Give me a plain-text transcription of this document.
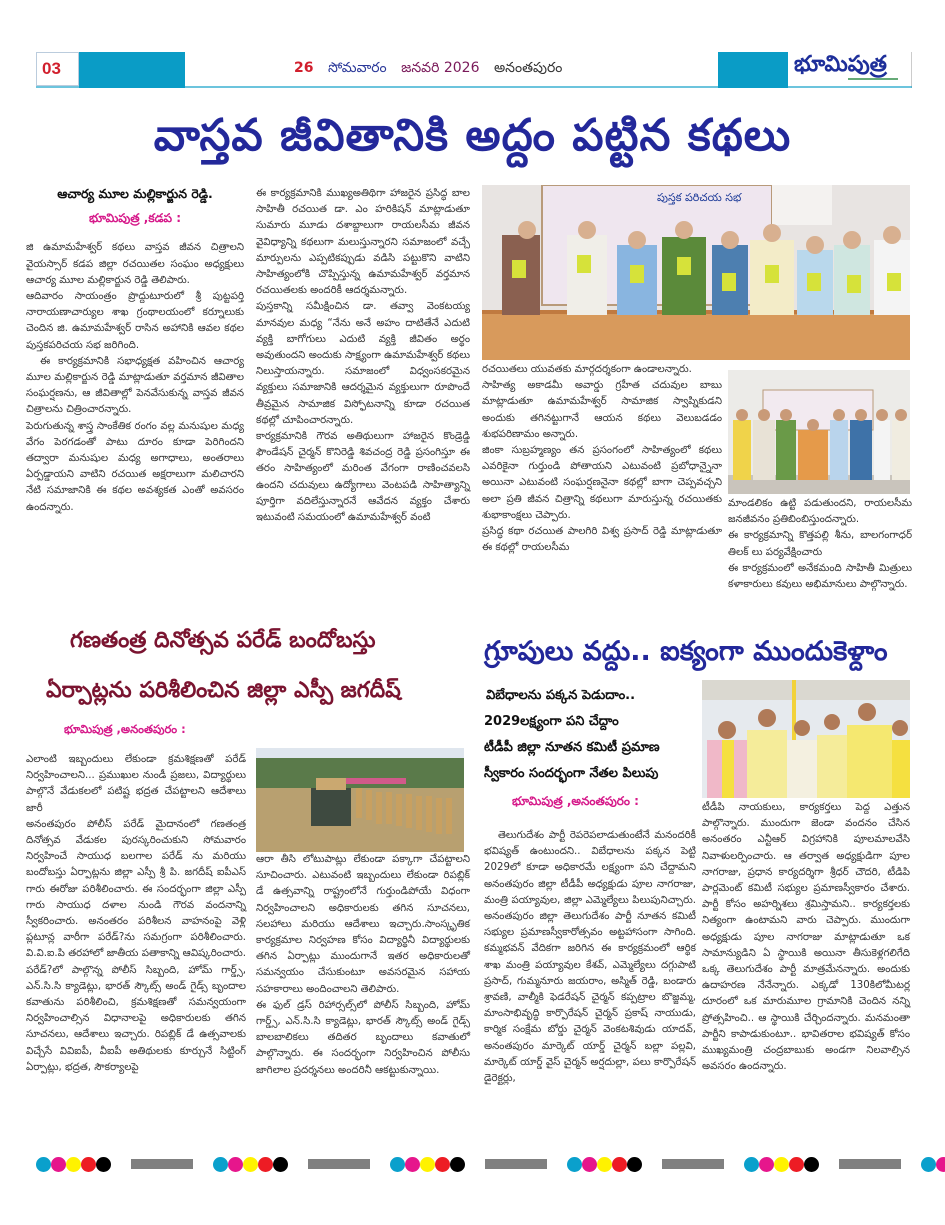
03	26 సోమవారం జనవరి 2026 అనంతపురం	భూమిపుత్ర
వాస్తవ జీవితానికి అద్దం పట్టిన కథలు
ఆచార్య మూల మల్లికార్జున రెడ్డి.
భూమిపుత్ర ,కడప :

జి ఉమామహేశ్వర్ కథలు వాస్తవ జీవన చిత్రాలని వైయస్సార్ కడప జిల్లా రచయితల సంఘం అధ్యక్షులు ఆచార్య మూల మల్లికార్జున రెడ్డి తెలిపారు.

ఆదివారం సాయంత్రం ప్రొద్దుటూరులో శ్రీ పుట్టపర్తి నారాయణాచార్యుల శాఖ గ్రంథాలయంలో కర్నూలుకు చెందిన జి. ఉమామహేశ్వర్ రాసిన అహానికి ఆవల కథల పుస్తకపరిచయ సభ జరిగింది.

ఈ కార్యక్రమానికి సభాధ్యక్షత వహించిన ఆచార్య మూల మల్లికార్జున రెడ్డి మాట్లాడుతూ వర్తమాన జీవితాల సంఘర్షణను, ఆ జీవితాల్లో పెనవేసుకున్న వాస్తవ జీవన చిత్రాలను చిత్రించారన్నారు.

పెరుగుతున్న శాస్త్ర సాంకేతిక రంగం వల్ల మనుషుల మధ్య వేగం పెరగడంతో పాటు దూరం కూడా పెరిగిందని తద్వారా మనుషుల మధ్య అగాధాలు, అంతరాలు ఏర్పడ్డాయని వాటిని రచయిత అక్షరాలుగా మలిచారని నేటి సమాజానికి ఈ కథల అవశ్యకత ఎంతో అవసరం ఉందన్నారు.

ఈ కార్యక్రమానికి ముఖ్యఅతిథిగా హాజరైన ప్రసిద్ధ బాల సాహితీ రచయిత డా. ఎం హరికిషన్ మాట్లాడుతూ సుమారు మూడు దశాబ్దాలుగా రాయలసీమ జీవన వైవిధ్యాన్ని కథలుగా మలుస్తున్నారని సమాజంలో వచ్చే మార్పులను ఎప్పటికప్పుడు వడిసి పట్టుకొని వాటిని సాహిత్యంలోకి చొప్పిస్తున్న ఉమామహేశ్వర్ వర్తమాన రచయితలకు అందరికీ ఆదర్శమన్నారు.

పుస్తకాన్ని సమీక్షించిన డా. తవ్వా వెంకటయ్య మానవుల మధ్య “నేను అనే అహం దాటితేనే ఎదుటి వ్యక్తి బాగోగులు ఎదుటి వ్యక్తి జీవితం అర్థం అవుతుందని అందుకు సాక్ష్యంగా ఉమామహేశ్వర్ కథలు నిలుస్తాయన్నారు. సమాజంలో విధ్వంసకరమైన వ్యక్తులు సమాజానికి ఆదర్శమైన వ్యక్తులుగా రూపొందే తీవ్రమైన సామాజిక విస్ఫోటనాన్ని కూడా రచయిత కథల్లో చూపించారన్నారు.

కార్యక్రమానికి గౌరవ అతిథులుగా హాజరైన కొండ్రెడ్డి ఫౌండేషన్ చైర్మన్ కొనిరెడ్డి శివచంద్ర రెడ్డి ప్రసంగిస్తూ ఈ తరం సాహిత్యంలో మరింత వేగంగా రాణించవలసి ఉందని చదువులు ఉద్యోగాలు వెంటపడి సాహిత్యాన్ని పూర్తిగా వదిలేస్తున్నారనే ఆవేదన వ్యక్తం చేశారు ఇటువంటి సమయంలో ఉమామహేశ్వర్ వంటి

పుస్తక పరిచయ సభ

రచయితలు యువతకు మార్గదర్శకంగా ఉండాలన్నారు.

సాహిత్య అకాడమీ అవార్డు గ్రహీత చదువుల బాబు మాట్లాడుతూ ఉమామహేశ్వర్ సామాజిక స్వాప్నికుడని అందుకు తగినట్టుగానే ఆయన కథలు వెలుబడడం శుభపరిణామం అన్నారు.

జింకా సుబ్రహ్మణ్యం తన ప్రసంగంలో సాహిత్యంలో కథలు ఎవరికైనా గుర్తుండి పోతాయని ఎటువంటి ప్రబోధాన్నైనా అయినా ఎటువంటి సంఘర్షణనైనా కథల్లో బాగా చెప్పవచ్చని అలా ప్రతి జీవన చిత్రాన్ని కథలుగా మారుస్తున్న రచయితకు శుభాకాంక్షలు చెప్పారు.

ప్రసిద్ధ కథా రచయిత పాలగిరి విశ్వ ప్రసాద్ రెడ్డి మాట్లాడుతూ ఈ కథల్లో రాయలసీమ

మాండలికం ఉట్టి పడుతుందని, రాయలసీమ జనజీవనం ప్రతిబింబిస్తుందన్నారు.

ఈ కార్యక్రమాన్ని కొత్తపల్లి శీను, బాలగంగాధర్ తిలక్ లు పర్యవేక్షించారు

ఈ కార్యక్రమంలో అనేకమంది సాహితీ మిత్రులు కళాకారులు కవులు అభిమానులు పాల్గొన్నారు.

గణతంత్ర దినోత్సవ పరేడ్ బందోబస్తు
ఏర్పాట్లను పరిశీలించిన జిల్లా ఎస్పీ జగదీష్
భూమిపుత్ర ,అనంతపురం :

ఎలాంటి ఇబ్బందులు లేకుండా క్రమశిక్షణతో పరేడ్ నిర్వహించాలని... ప్రముఖుల నుండీ ప్రజలు, విద్యార్థులు పాల్గొనే వేడుకలలో పటిష్ట భద్రత చేపట్టాలని ఆదేశాలు జారీ

అనంతపురం పోలీస్ పరేడ్ మైదానంలో గణతంత్ర దినోత్సవ వేడుకల పురస్కరించుకుని సోమవారం నిర్వహించే సాయుధ బలగాల పరేడ్ ను మరియు బందోబస్తు ఏర్పాట్లను జిల్లా ఎస్పీ శ్రీ పి. జగదీష్ ఐపీఎస్ గారు ఈరోజు పరిశీలించారు. ఈ సందర్భంగా జిల్లా ఎస్పీ గారు సాయుధ దళాల నుండి గౌరవ వందనాన్ని స్వీకరించారు. అనంతరం పరిశీలన వాహనంపై వెళ్లి ప్లటూన్ల వారీగా పరేడ్?ను సమగ్రంగా పరిశీలించారు. వి.వి.ఐ.పి తరహాలో జాతీయ పతాకాన్ని ఆవిష్కరించారు. పరేడ్?లో పాల్గొన్న పోలీస్ సిబ్బంది, హోమ్ గార్డ్స్, ఎన్.సి.సి క్యాడెట్లు, భారత్ స్కౌట్స్ అండ్ గైడ్స్ బృందాల కవాతును పరిశీలించి, క్రమశిక్షణతో సమన్వయంగా నిర్వహించాల్సిన విధానాలపై అధికారులకు తగిన సూచనలు, ఆదేశాలు ఇచ్చారు. రిపబ్లిక్ డే ఉత్సవాలకు విచ్చేసే వివిఐపీ, వీఐపీ అతిథులకు కూర్చునే సిట్టింగ్ ఏర్పాట్లు, భద్రత, సౌకర్యాలపై

ఆరా తీసి లోటుపాట్లు లేకుండా పక్కాగా చేపట్టాలని సూచించారు. ఎటువంటి ఇబ్బందులు లేకుండా రిపబ్లిక్ డే ఉత్సవాన్ని రాష్ట్రంలోనే గుర్తుండిపోయే విధంగా నిర్వహించాలని అధికారులకు తగిన సూచనలు, సలహాలు మరియు ఆదేశాలు ఇచ్చారు.సాంస్కృతిక కార్యక్రమాల నిర్వహణ కోసం విద్యార్థినీ విద్యార్థులకు తగిన ఏర్పాట్లు ముందుగానే ఇతర అధికారులతో సమన్వయం చేసుకుంటూ అవసరమైన సహాయ సహకారాలు అందించాలని తెలిపారు.

ఈ ఫుల్ డ్రస్ రిహార్సల్స్‌లో పోలీస్ సిబ్బంది, హోమ్ గార్డ్స్, ఎన్.సి.సి క్యాడెట్లు, భారత్ స్కౌట్స్ అండ్ గైడ్స్ బాలబాలికలు తదితర బృందాలు కవాతులో పాల్గొన్నారు. ఈ సందర్భంగా నిర్వహించిన పోలీసు జాగిలాల ప్రదర్శనలు అందరినీ ఆకట్టుకున్నాయి.

గ్రూపులు వద్దు.. ఐక్యంగా ముందుకెళ్దాం
విబేధాలను పక్కన పెడుదాం..
2029లక్ష్యంగా పని చేద్దాం
టీడీపీ జిల్లా నూతన కమిటీ ప్రమాణ
స్వీకారం సందర్భంగా నేతల పిలుపు
భూమిపుత్ర ,అనంతపురం :

తెలుగుదేశం పార్టీ రెపరెపలాడుతుంటేనే మనందరికీ భవిష్యత్ ఉంటుందని.. విబేధాలను పక్కన పెట్టి 2029లో కూడా అధికారమే లక్ష్యంగా పని చేద్దామని అనంతపురం జిల్లా టీడీపీ అధ్యక్షుడు పూల నాగరాజు, మంత్రి పయ్యావుల, జిల్లా ఎమ్మెల్యేలు పిలుపునిచ్చారు. అనంతపురం జిల్లా తెలుగుదేశం పార్టీ నూతన కమిటీ సభ్యుల ప్రమాణస్వీకారోత్సవం అట్టహాసంగా సాగింది. కమ్మభవన్ వేదికగా జరిగిన ఈ కార్యక్రమంలో ఆర్థిక శాఖ మంత్రి పయ్యావుల కేశవ్, ఎమ్మెల్యేలు దగ్గుపాటి ప్రసాద్, గుమ్మనూరు జయరాం, అస్మిత్ రెడ్డి, బండారు శ్రావణి, వాల్మీకి ఫెడరేషన్ చైర్మన్ కప్పట్రాల బొజ్జమ్మ, మాంసాభివృద్ధి కార్పొరేషన్ చైర్మన్ ప్రకాష్ నాయుడు, కార్మిక సంక్షేమ బోర్డు చైర్మన్ వెంకటశివుడు యాదవ్, అనంతపురం మార్కెట్ యార్డ్ చైర్మన్ బల్లా పల్లవి, మార్కెట్ యార్డ్ వైస్ చైర్మన్ అర్షదుల్లా, పలు కార్పొరేషన్ డైరెక్టర్లు,

టీడీపి నాయకులు, కార్యకర్తలు పెద్ద ఎత్తున పాల్గొన్నారు. ముందుగా జెండా వందనం చేసిన అనంతరం ఎన్టీఆర్ విగ్రహానికి పూలమాలవేసి నివాళులర్పించారు. ఆ తర్వాత అధ్యక్షుడిగా పూల నాగరాజు, ప్రధాన కార్యదర్శిగా శ్రీధర్ చౌదరి, టీడిపి పార్లమెంట్ కమిటీ సభ్యుల ప్రమాణస్వీకారం చేశారు. పార్టీ కోసం అహర్నిశలు శ్రమిస్తామని.. కార్యకర్తలకు నిత్యంగా ఉంటామని వారు చెప్పారు. ముందుగా అధ్యక్షుడు పూల నాగరాజు మాట్లాడుతూ ఒక సామాన్యుడిని ఏ స్థాయికి అయినా తీసుకెళ్లగలిగేది ఒక్క తెలుగుదేశం పార్టీ మాత్రమేనన్నారు. అందుకు ఉదాహరణ నేనేన్నారు. ఎక్కడో 130కిలోమీటర్ల దూరంలో ఒక మారుమూల గ్రామానికి చెందిన నన్ని ప్రోత్సహించి.. ఆ స్థాయికి చేర్చిందన్నారు. మనమంతా పార్టీని కాపాడుకుంటూ.. భావితరాల భవిష్యత్ కోసం ముఖ్యమంత్రి చంద్రబాబుకు అండగా నిలవాల్సిన అవసరం ఉందన్నారు.
